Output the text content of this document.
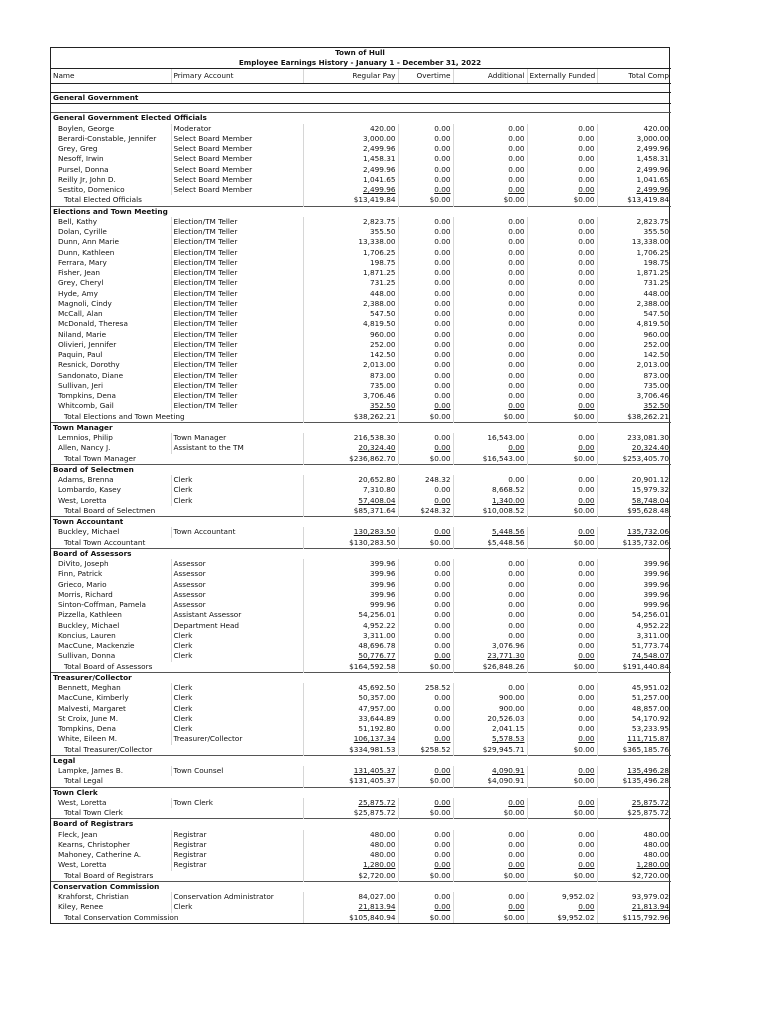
Town of Hull
Employee Earnings History - January 1 - December 31, 2022
Name	Primary Account	Regular Pay	Overtime	Additional	Externally Funded	Total Comp

General Government						

General Government Elected Officials						
Boylen, George	Moderator	420.00	0.00	0.00	0.00	420.00
Berardi-Constable, Jennifer	Select Board Member	3,000.00	0.00	0.00	0.00	3,000.00
Grey, Greg	Select Board Member	2,499.96	0.00	0.00	0.00	2,499.96
Nesoff, Irwin	Select Board Member	1,458.31	0.00	0.00	0.00	1,458.31
Pursel, Donna	Select Board Member	2,499.96	0.00	0.00	0.00	2,499.96
Reilly Jr, John D.	Select Board Member	1,041.65	0.00	0.00	0.00	1,041.65
Sestito, Domenico	Select Board Member	2,499.96	0.00	0.00	0.00	2,499.96
Total Elected Officials		$13,419.84	$0.00	$0.00	$0.00	$13,419.84
Elections and Town Meeting						
Bell, Kathy	Election/TM Teller	2,823.75	0.00	0.00	0.00	2,823.75
Dolan, Cyrille	Election/TM Teller	355.50	0.00	0.00	0.00	355.50
Dunn, Ann Marie	Election/TM Teller	13,338.00	0.00	0.00	0.00	13,338.00
Dunn, Kathleen	Election/TM Teller	1,706.25	0.00	0.00	0.00	1,706.25
Ferrara, Mary	Election/TM Teller	198.75	0.00	0.00	0.00	198.75
Fisher, Jean	Election/TM Teller	1,871.25	0.00	0.00	0.00	1,871.25
Grey, Cheryl	Election/TM Teller	731.25	0.00	0.00	0.00	731.25
Hyde, Amy	Election/TM Teller	448.00	0.00	0.00	0.00	448.00
Magnoli, Cindy	Election/TM Teller	2,388.00	0.00	0.00	0.00	2,388.00
McCall, Alan	Election/TM Teller	547.50	0.00	0.00	0.00	547.50
McDonald, Theresa	Election/TM Teller	4,819.50	0.00	0.00	0.00	4,819.50
Niland, Marie	Election/TM Teller	960.00	0.00	0.00	0.00	960.00
Olivieri, Jennifer	Election/TM Teller	252.00	0.00	0.00	0.00	252.00
Paquin, Paul	Election/TM Teller	142.50	0.00	0.00	0.00	142.50
Resnick, Dorothy	Election/TM Teller	2,013.00	0.00	0.00	0.00	2,013.00
Sandonato, Diane	Election/TM Teller	873.00	0.00	0.00	0.00	873.00
Sullivan, Jeri	Election/TM Teller	735.00	0.00	0.00	0.00	735.00
Tompkins, Dena	Election/TM Teller	3,706.46	0.00	0.00	0.00	3,706.46
Whitcomb, Gail	Election/TM Teller	352.50	0.00	0.00	0.00	352.50
Total Elections and Town Meeting		$38,262.21	$0.00	$0.00	$0.00	$38,262.21
Town Manager						
Lemnios, Philip	Town Manager	216,538.30	0.00	16,543.00	0.00	233,081.30
Allen, Nancy J.	Assistant to the TM	20,324.40	0.00	0.00	0.00	20,324.40
Total Town Manager		$236,862.70	$0.00	$16,543.00	$0.00	$253,405.70
Board of Selectmen						
Adams, Brenna	Clerk	20,652.80	248.32	0.00	0.00	20,901.12
Lombardo, Kasey	Clerk	7,310.80	0.00	8,668.52	0.00	15,979.32
West, Loretta	Clerk	57,408.04	0.00	1,340.00	0.00	58,748.04
Total Board of Selectmen		$85,371.64	$248.32	$10,008.52	$0.00	$95,628.48
Town Accountant						
Buckley, Michael	Town Accountant	130,283.50	0.00	5,448.56	0.00	135,732.06
Total Town Accountant		$130,283.50	$0.00	$5,448.56	$0.00	$135,732.06
Board of Assessors						
DiVito, Joseph	Assessor	399.96	0.00	0.00	0.00	399.96
Finn, Patrick	Assessor	399.96	0.00	0.00	0.00	399.96
Grieco, Mario	Assessor	399.96	0.00	0.00	0.00	399.96
Morris, Richard	Assessor	399.96	0.00	0.00	0.00	399.96
Sinton-Coffman, Pamela	Assessor	999.96	0.00	0.00	0.00	999.96
Pizzella, Kathleen	Assistant Assessor	54,256.01	0.00	0.00	0.00	54,256.01
Buckley, Michael	Department Head	4,952.22	0.00	0.00	0.00	4,952.22
Koncius, Lauren	Clerk	3,311.00	0.00	0.00	0.00	3,311.00
MacCune, Mackenzie	Clerk	48,696.78	0.00	3,076.96	0.00	51,773.74
Sullivan, Donna	Clerk	50,776.77	0.00	23,771.30	0.00	74,548.07
Total Board of Assessors		$164,592.58	$0.00	$26,848.26	$0.00	$191,440.84
Treasurer/Collector						
Bennett, Meghan	Clerk	45,692.50	258.52	0.00	0.00	45,951.02
MacCune, Kimberly	Clerk	50,357.00	0.00	900.00	0.00	51,257.00
Malvesti, Margaret	Clerk	47,957.00	0.00	900.00	0.00	48,857.00
St Croix, June M.	Clerk	33,644.89	0.00	20,526.03	0.00	54,170.92
Tompkins, Dena	Clerk	51,192.80	0.00	2,041.15	0.00	53,233.95
White, Eileen M.	Treasurer/Collector	106,137.34	0.00	5,578.53	0.00	111,715.87
Total Treasurer/Collector		$334,981.53	$258.52	$29,945.71	$0.00	$365,185.76
Legal						
Lampke, James B.	Town Counsel	131,405.37	0.00	4,090.91	0.00	135,496.28
Total Legal		$131,405.37	$0.00	$4,090.91	$0.00	$135,496.28
Town Clerk						
West, Loretta	Town Clerk	25,875.72	0.00	0.00	0.00	25,875.72
Total Town Clerk		$25,875.72	$0.00	$0.00	$0.00	$25,875.72
Board of Registrars						
Fleck, Jean	Registrar	480.00	0.00	0.00	0.00	480.00
Kearns, Christopher	Registrar	480.00	0.00	0.00	0.00	480.00
Mahoney, Catherine A.	Registrar	480.00	0.00	0.00	0.00	480.00
West, Loretta	Registrar	1,280.00	0.00	0.00	0.00	1,280.00
Total Board of Registrars		$2,720.00	$0.00	$0.00	$0.00	$2,720.00
Conservation Commission						
Krahforst, Christian	Conservation Administrator	84,027.00	0.00	0.00	9,952.02	93,979.02
Kiley, Renee	Clerk	21,813.94	0.00	0.00	0.00	21,813.94
Total Conservation Commission		$105,840.94	$0.00	$0.00	$9,952.02	$115,792.96
